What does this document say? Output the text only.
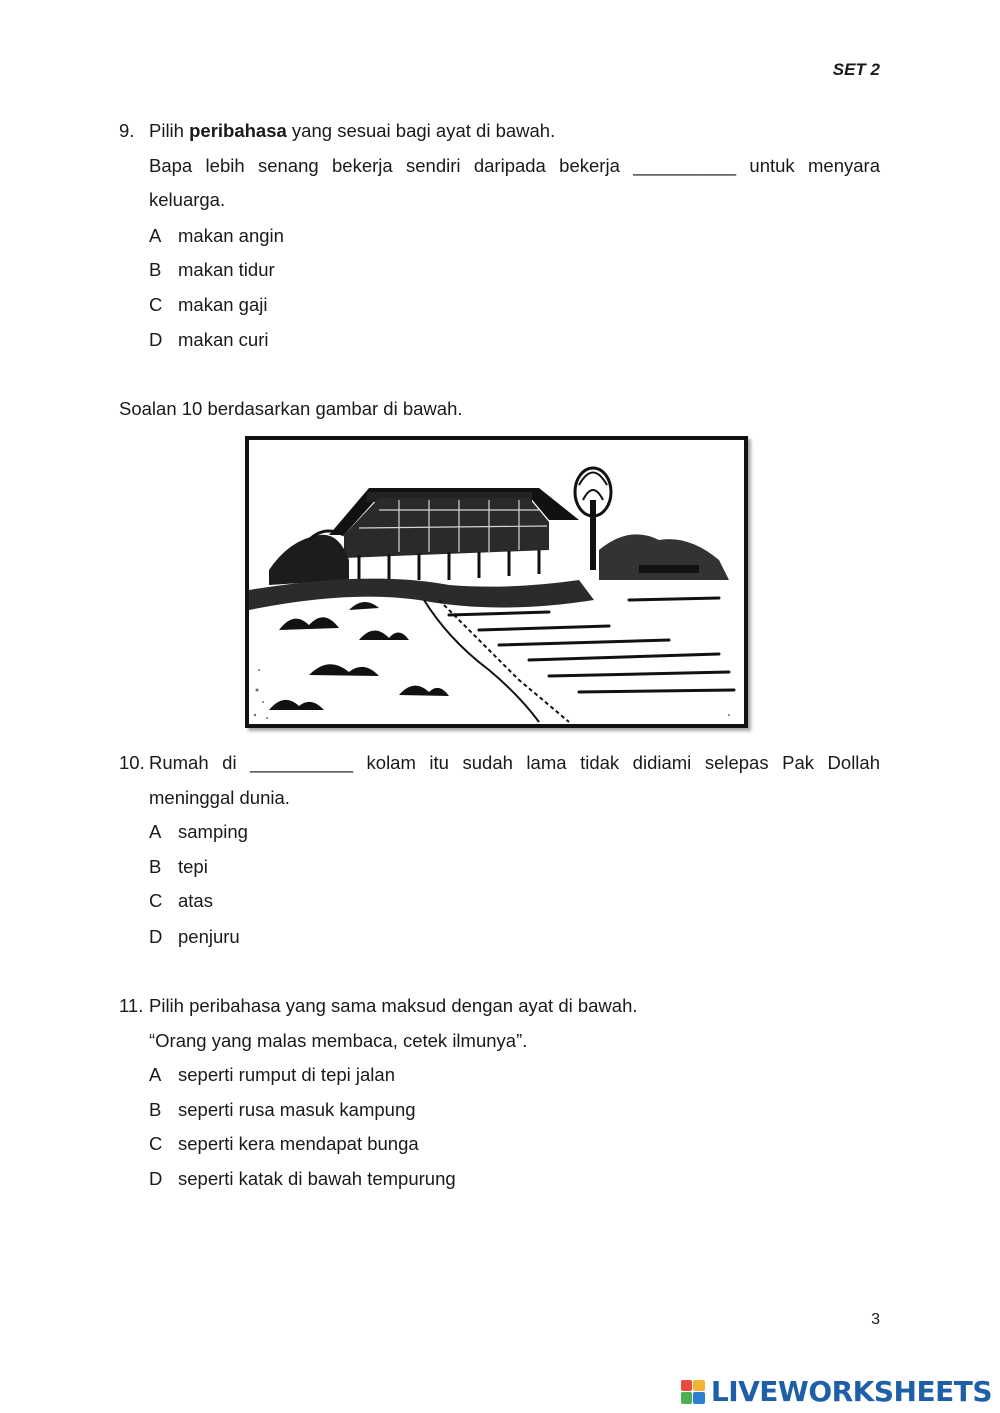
SET 2
9. Pilih peribahasa yang sesuai bagi ayat di bawah.
Bapa lebih senang bekerja sendiri daripada bekerja __________ untuk menyara
keluarga.
A makan angin
B makan tidur
C makan gaji
D makan curi
Soalan 10 berdasarkan gambar di bawah.
10. Rumah di __________ kolam itu sudah lama tidak didiami selepas Pak Dollah
meninggal dunia.
A samping
B tepi
C atas
D penjuru
11. Pilih peribahasa yang sama maksud dengan ayat di bawah.
“Orang yang malas membaca, cetek ilmunya”.
A seperti rumput di tepi jalan
B seperti rusa masuk kampung
C seperti kera mendapat bunga
D seperti katak di bawah tempurung
3
LIVEWORKSHEETS
